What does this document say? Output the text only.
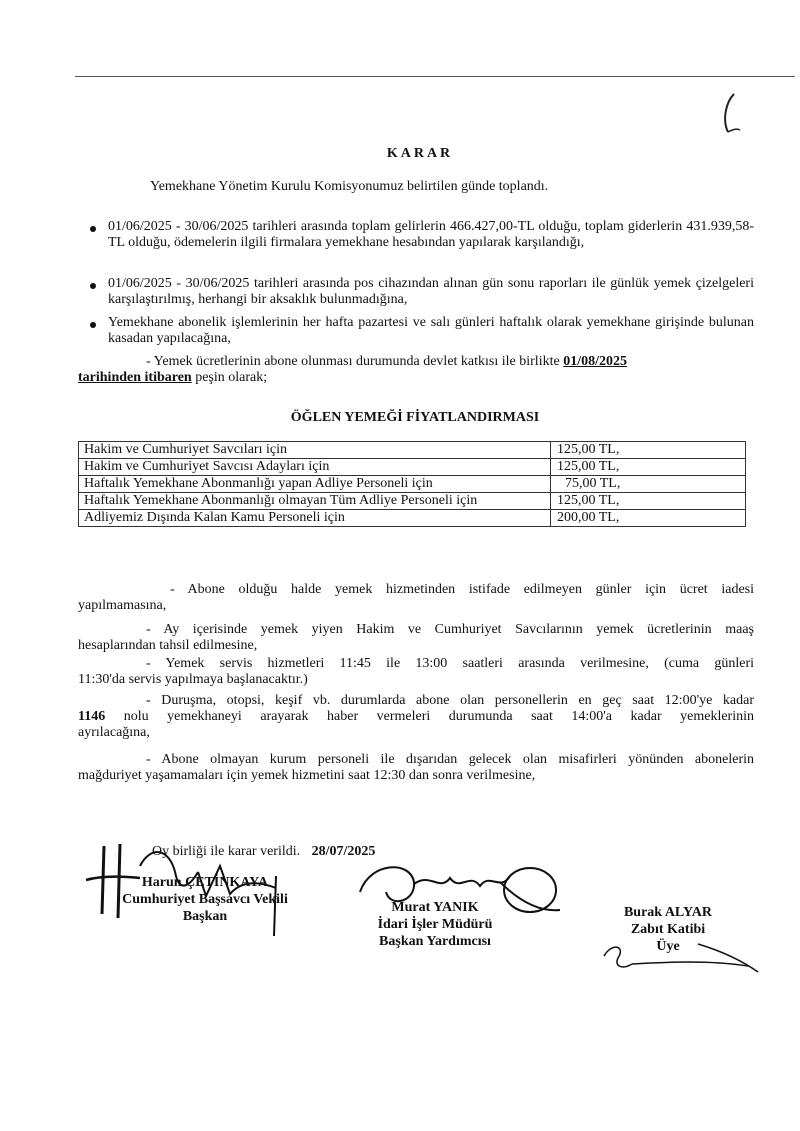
KARAR
Yemekhane Yönetim Kurulu Komisyonumuz belirtilen günde toplandı.
01/06/2025 - 30/06/2025 tarihleri arasında toplam gelirlerin 466.427,00-TL olduğu, toplam giderlerin 431.939,58-TL olduğu, ödemelerin ilgili firmalara yemekhane hesabından yapılarak karşılandığı,
01/06/2025 - 30/06/2025 tarihleri arasında pos cihazından alınan gün sonu raporları ile günlük yemek çizelgeleri karşılaştırılmış, herhangi bir aksaklık bulunmadığına,
Yemekhane abonelik işlemlerinin her hafta pazartesi ve salı günleri haftalık olarak yemekhane girişinde bulunan kasadan yapılacağına,
- Yemek ücretlerinin abone olunması durumunda devlet katkısı ile birlikte 01/08/2025
tarihinden itibaren peşin olarak;
ÖĞLEN YEMEĞİ FİYATLANDIRMASI
Hakim ve Cumhuriyet Savcıları için	125,00 TL,
Hakim ve Cumhuriyet Savcısı Adayları için	125,00 TL,
Haftalık Yemekhane Abonmanlığı yapan Adliye Personeli için	75,00 TL,
Haftalık Yemekhane Abonmanlığı olmayan Tüm Adliye Personeli için	125,00 TL,
Adliyemiz Dışında Kalan Kamu Personeli için	200,00 TL,
- Abone olduğu halde yemek hizmetinden istifade edilmeyen günler için ücret iadesi
yapılmamasına,
- Ay içerisinde yemek yiyen Hakim ve Cumhuriyet Savcılarının yemek ücretlerinin maaş
hesaplarından tahsil edilmesine,
- Yemek servis hizmetleri 11:45 ile 13:00 saatleri arasında verilmesine, (cuma günleri
11:30'da servis yapılmaya başlanacaktır.)
- Duruşma, otopsi, keşif vb. durumlarda abone olan personellerin en geç saat 12:00'ye kadar
1146 nolu yemekhaneyi arayarak haber vermeleri durumunda saat 14:00'a kadar yemeklerinin
ayrılacağına,
- Abone olmayan kurum personeli ile dışarıdan gelecek olan misafirleri yönünden abonelerin
mağduriyet yaşamamaları için yemek hizmetini saat 12:30 dan sonra verilmesine,
Oy birliği ile karar verildi. 28/07/2025
Harun ÇETİNKAYA
Cumhuriyet Başsavcı Vekili
Başkan
Murat YANIK
İdari İşler Müdürü
Başkan Yardımcısı
Burak ALYAR
Zabıt Katibi
Üye
